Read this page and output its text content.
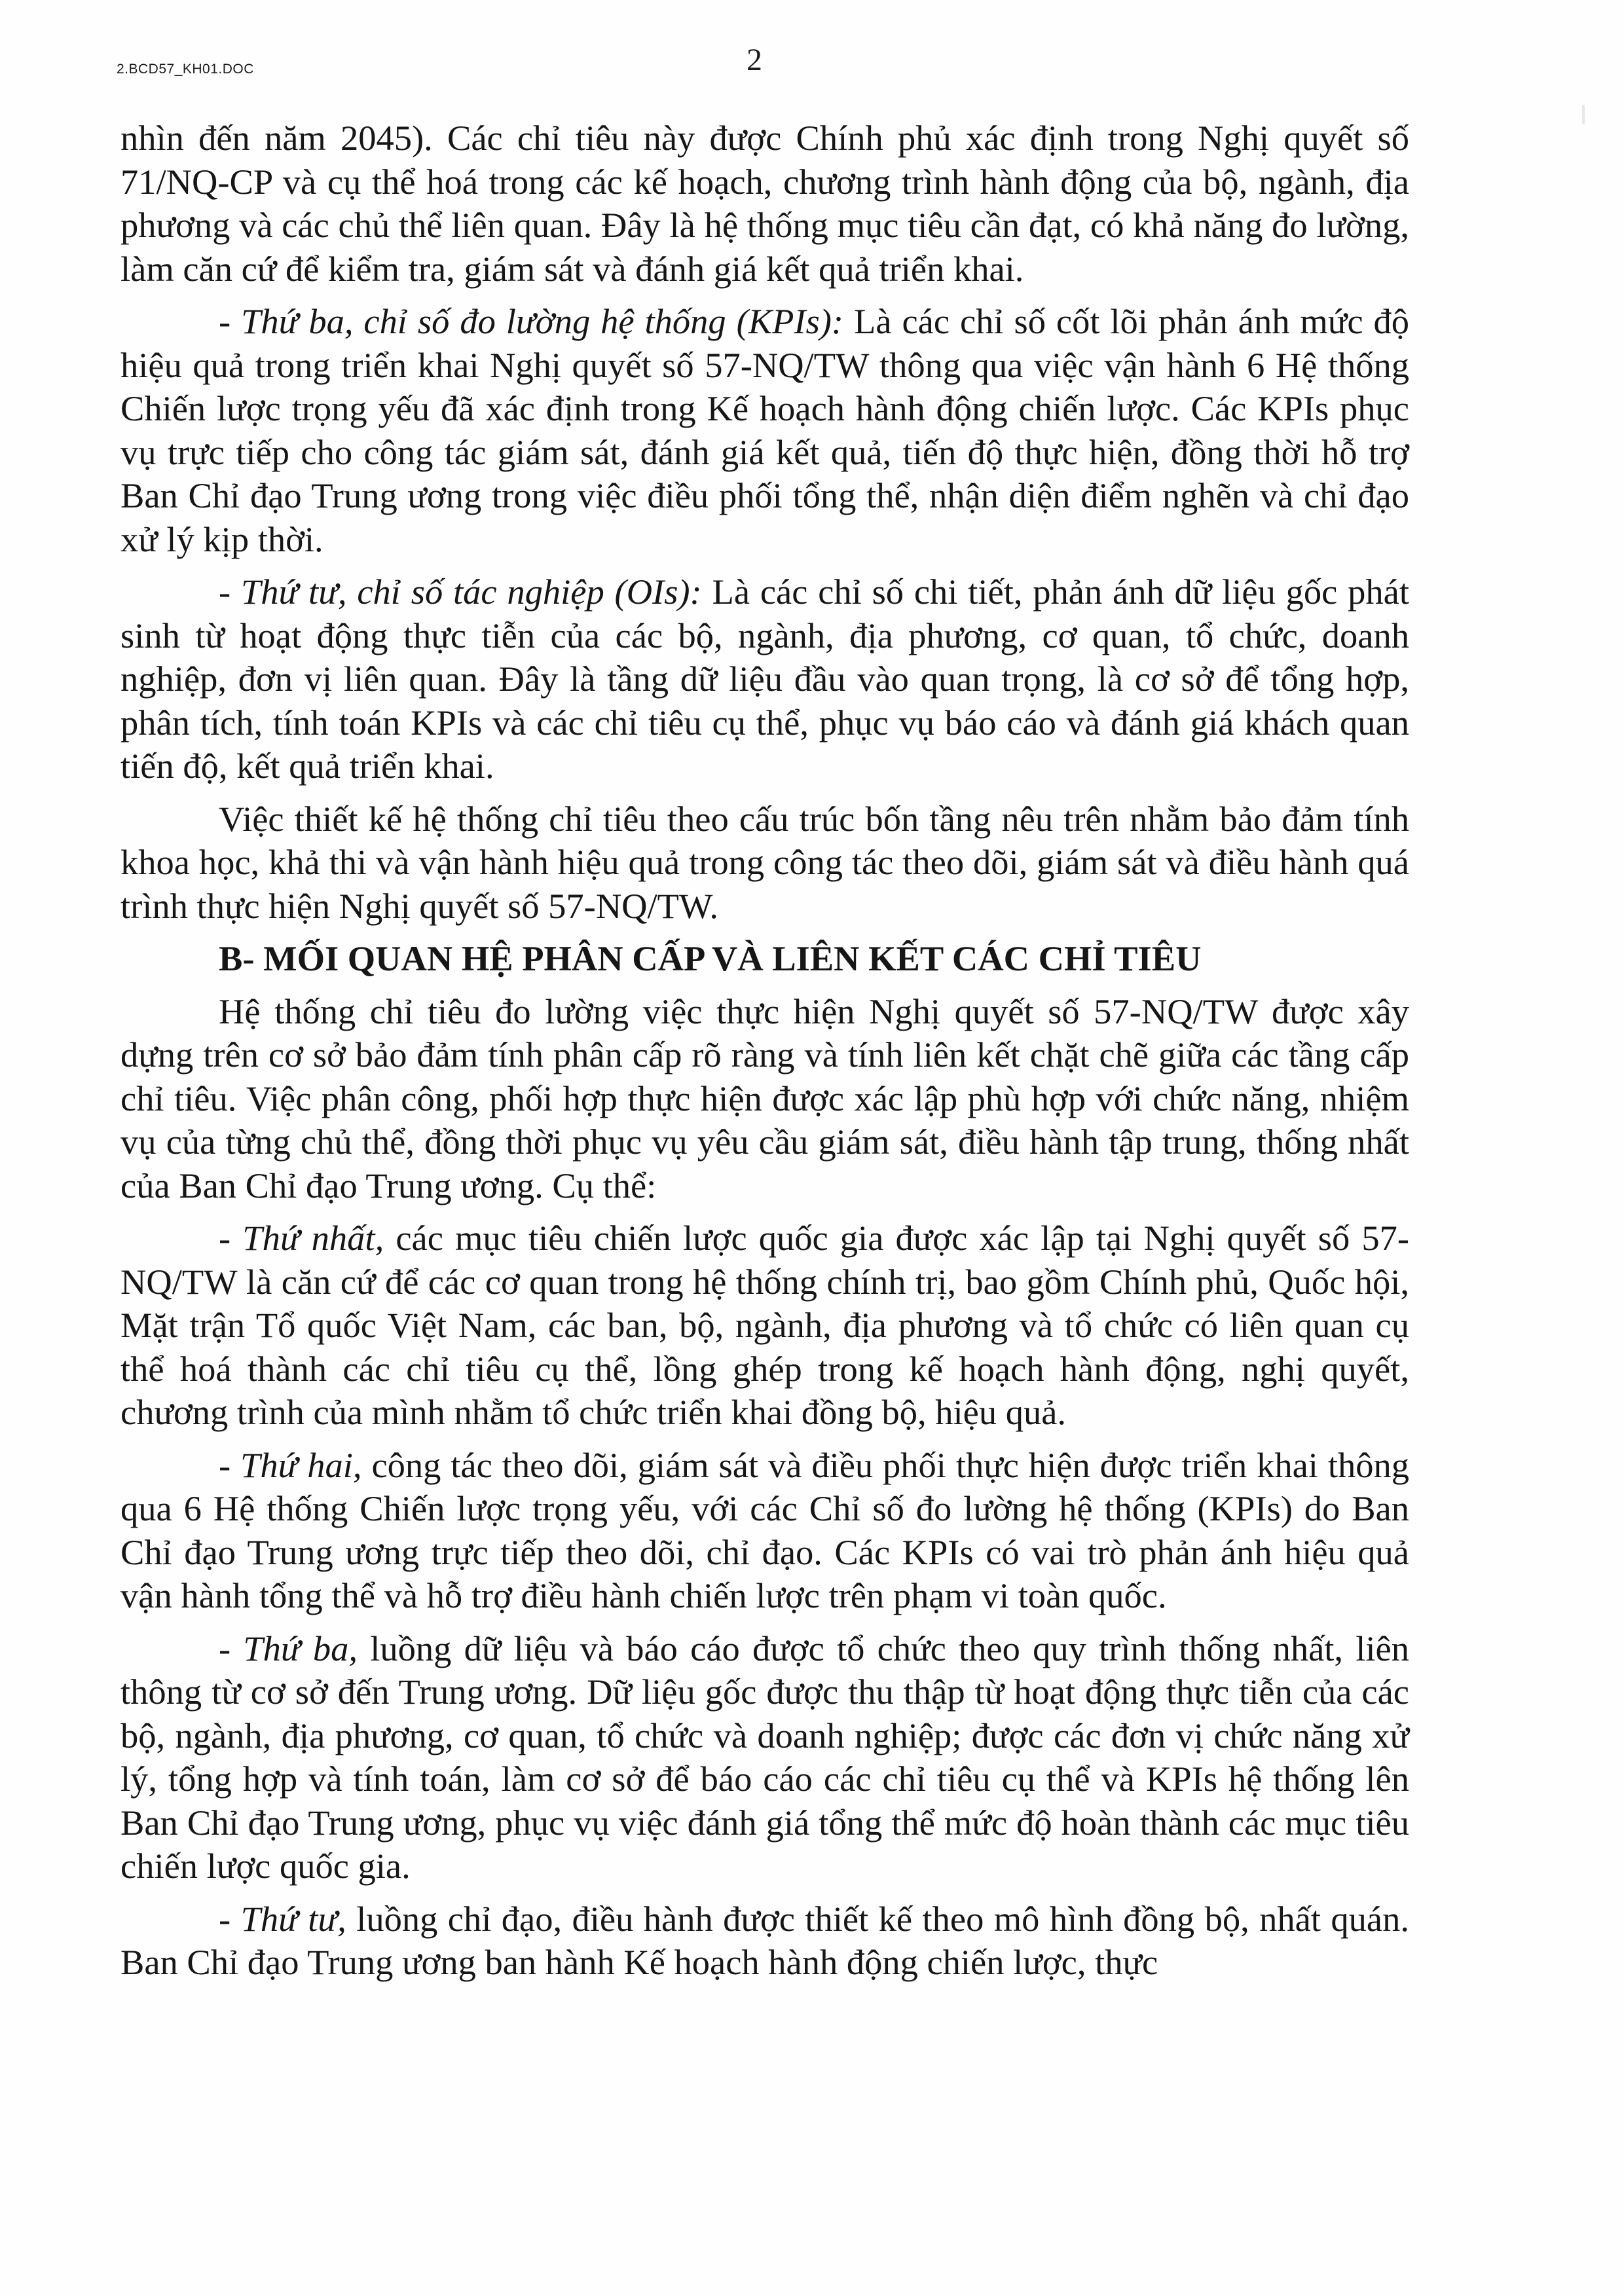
2.BCD57_KH01.DOC	2

nhìn đến năm 2045). Các chỉ tiêu này được Chính phủ xác định trong Nghị quyết số 71/NQ-CP và cụ thể hoá trong các kế hoạch, chương trình hành động của bộ, ngành, địa phương và các chủ thể liên quan. Đây là hệ thống mục tiêu cần đạt, có khả năng đo lường, làm căn cứ để kiểm tra, giám sát và đánh giá kết quả triển khai.

- Thứ ba, chỉ số đo lường hệ thống (KPIs): Là các chỉ số cốt lõi phản ánh mức độ hiệu quả trong triển khai Nghị quyết số 57-NQ/TW thông qua việc vận hành 6 Hệ thống Chiến lược trọng yếu đã xác định trong Kế hoạch hành động chiến lược. Các KPIs phục vụ trực tiếp cho công tác giám sát, đánh giá kết quả, tiến độ thực hiện, đồng thời hỗ trợ Ban Chỉ đạo Trung ương trong việc điều phối tổng thể, nhận diện điểm nghẽn và chỉ đạo xử lý kịp thời.

- Thứ tư, chỉ số tác nghiệp (OIs): Là các chỉ số chi tiết, phản ánh dữ liệu gốc phát sinh từ hoạt động thực tiễn của các bộ, ngành, địa phương, cơ quan, tổ chức, doanh nghiệp, đơn vị liên quan. Đây là tầng dữ liệu đầu vào quan trọng, là cơ sở để tổng hợp, phân tích, tính toán KPIs và các chỉ tiêu cụ thể, phục vụ báo cáo và đánh giá khách quan tiến độ, kết quả triển khai.

Việc thiết kế hệ thống chỉ tiêu theo cấu trúc bốn tầng nêu trên nhằm bảo đảm tính khoa học, khả thi và vận hành hiệu quả trong công tác theo dõi, giám sát và điều hành quá trình thực hiện Nghị quyết số 57-NQ/TW.

B- MỐI QUAN HỆ PHÂN CẤP VÀ LIÊN KẾT CÁC CHỈ TIÊU

Hệ thống chỉ tiêu đo lường việc thực hiện Nghị quyết số 57-NQ/TW được xây dựng trên cơ sở bảo đảm tính phân cấp rõ ràng và tính liên kết chặt chẽ giữa các tầng cấp chỉ tiêu. Việc phân công, phối hợp thực hiện được xác lập phù hợp với chức năng, nhiệm vụ của từng chủ thể, đồng thời phục vụ yêu cầu giám sát, điều hành tập trung, thống nhất của Ban Chỉ đạo Trung ương. Cụ thể:

- Thứ nhất, các mục tiêu chiến lược quốc gia được xác lập tại Nghị quyết số 57-NQ/TW là căn cứ để các cơ quan trong hệ thống chính trị, bao gồm Chính phủ, Quốc hội, Mặt trận Tổ quốc Việt Nam, các ban, bộ, ngành, địa phương và tổ chức có liên quan cụ thể hoá thành các chỉ tiêu cụ thể, lồng ghép trong kế hoạch hành động, nghị quyết, chương trình của mình nhằm tổ chức triển khai đồng bộ, hiệu quả.

- Thứ hai, công tác theo dõi, giám sát và điều phối thực hiện được triển khai thông qua 6 Hệ thống Chiến lược trọng yếu, với các Chỉ số đo lường hệ thống (KPIs) do Ban Chỉ đạo Trung ương trực tiếp theo dõi, chỉ đạo. Các KPIs có vai trò phản ánh hiệu quả vận hành tổng thể và hỗ trợ điều hành chiến lược trên phạm vi toàn quốc.

- Thứ ba, luồng dữ liệu và báo cáo được tổ chức theo quy trình thống nhất, liên thông từ cơ sở đến Trung ương. Dữ liệu gốc được thu thập từ hoạt động thực tiễn của các bộ, ngành, địa phương, cơ quan, tổ chức và doanh nghiệp; được các đơn vị chức năng xử lý, tổng hợp và tính toán, làm cơ sở để báo cáo các chỉ tiêu cụ thể và KPIs hệ thống lên Ban Chỉ đạo Trung ương, phục vụ việc đánh giá tổng thể mức độ hoàn thành các mục tiêu chiến lược quốc gia.

- Thứ tư, luồng chỉ đạo, điều hành được thiết kế theo mô hình đồng bộ, nhất quán. Ban Chỉ đạo Trung ương ban hành Kế hoạch hành động chiến lược, thực
